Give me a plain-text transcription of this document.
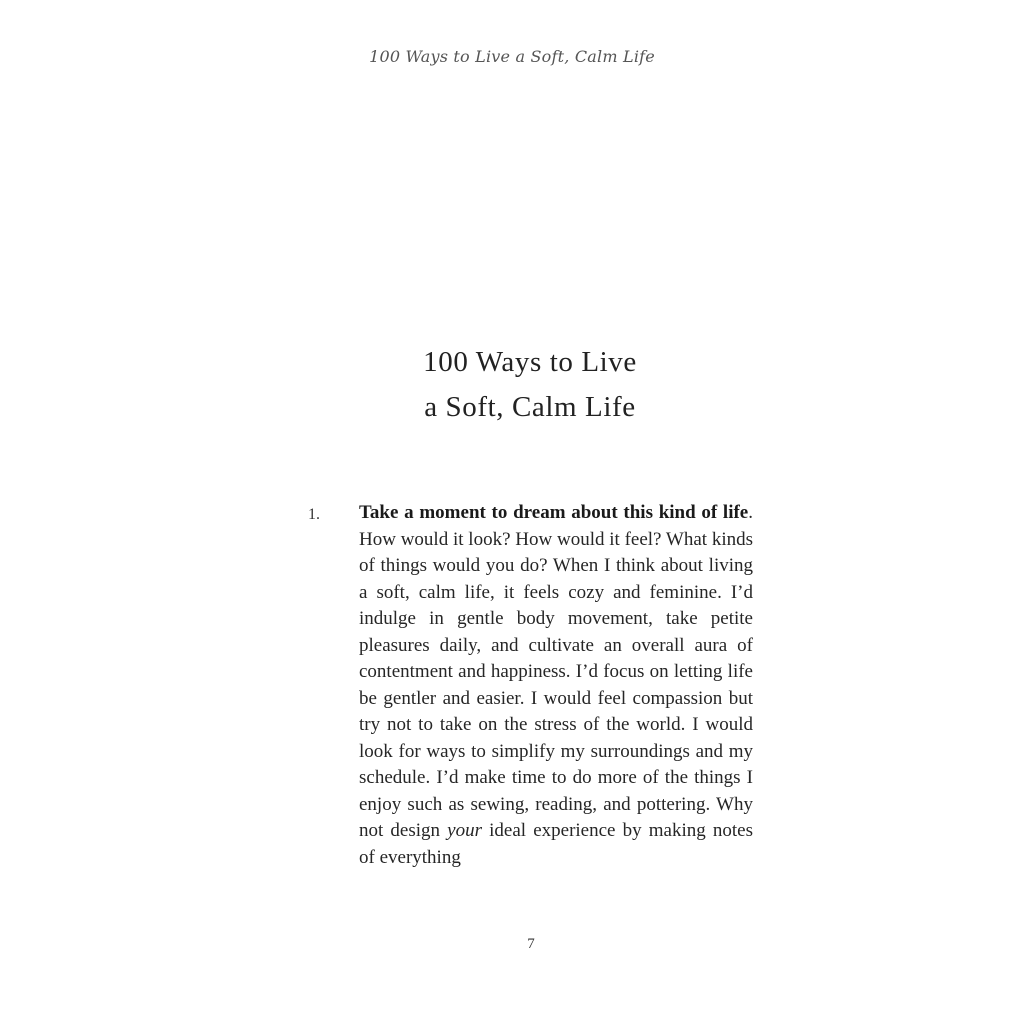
100 Ways to Live a Soft, Calm Life
100 Ways to Live
a Soft, Calm Life
1. Take a moment to dream about this kind of life. How would it look? How would it feel? What kinds of things would you do? When I think about living a soft, calm life, it feels cozy and feminine. I’d indulge in gentle body movement, take petite pleasures daily, and cultivate an overall aura of contentment and happiness. I’d focus on letting life be gentler and easier. I would feel compassion but try not to take on the stress of the world. I would look for ways to simplify my surroundings and my schedule. I’d make time to do more of the things I enjoy such as sewing, reading, and pottering. Why not design your ideal experience by making notes of everything
7
